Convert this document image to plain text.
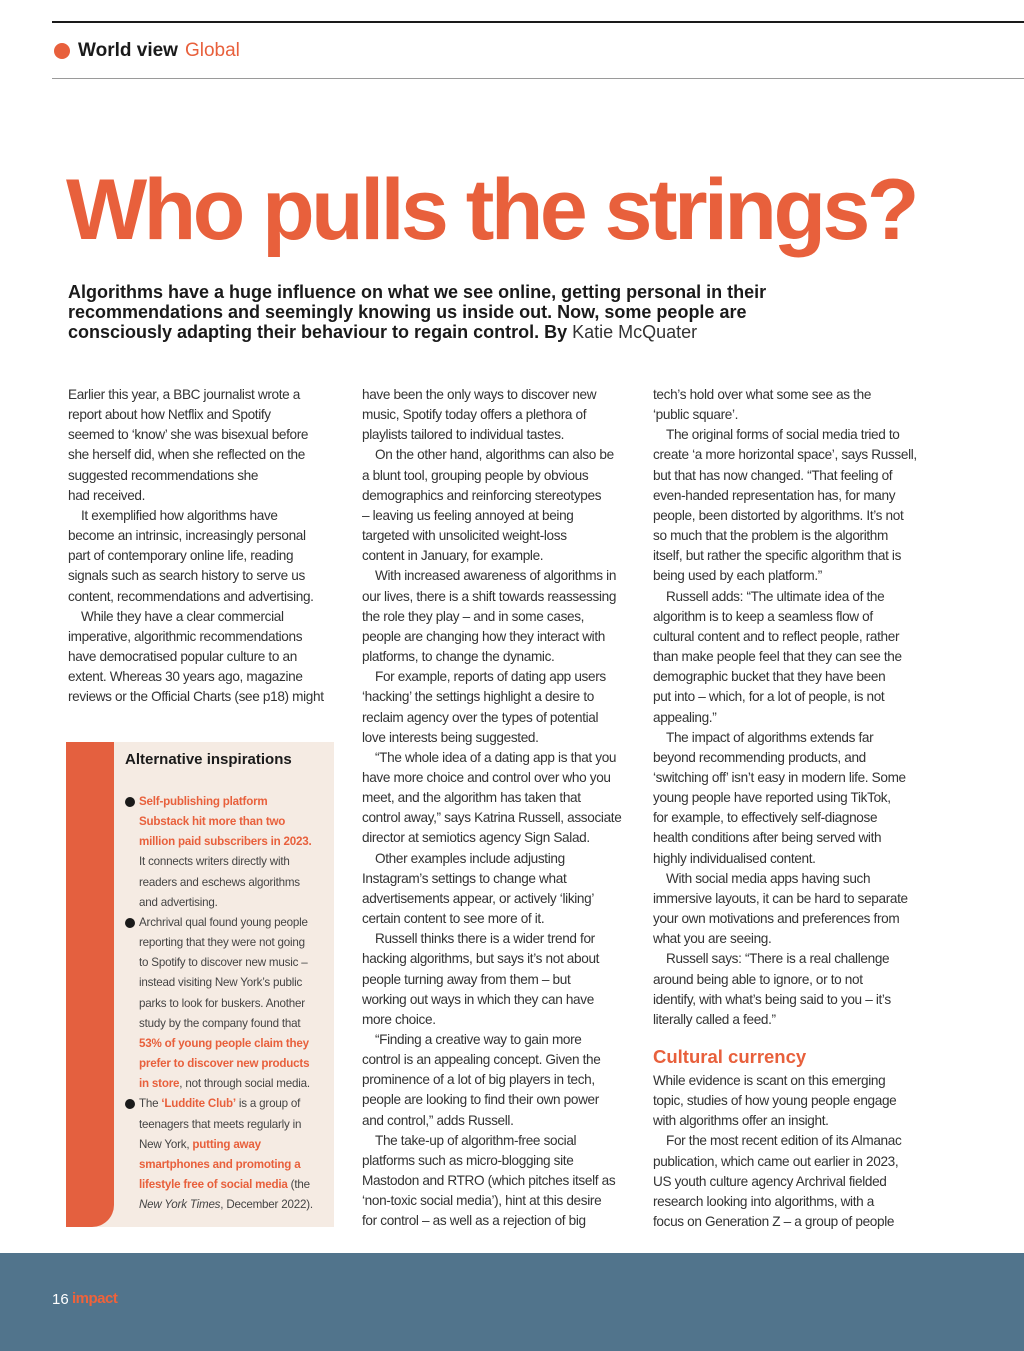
World view Global
Who pulls the strings?
Algorithms have a huge influence on what we see online, getting personal in their recommendations and seemingly knowing us inside out. Now, some people are consciously adapting their behaviour to regain control. By Katie McQuater
Earlier this year, a BBC journalist wrote a
report about how Netflix and Spotify
seemed to ‘know’ she was bisexual before
she herself did, when she reflected on the
suggested recommendations she
had received.
It exemplified how algorithms have
become an intrinsic, increasingly personal
part of contemporary online life, reading
signals such as search history to serve us
content, recommendations and advertising.
While they have a clear commercial
imperative, algorithmic recommendations
have democratised popular culture to an
extent. Whereas 30 years ago, magazine
reviews or the Official Charts (see p18) might
have been the only ways to discover new
music, Spotify today offers a plethora of
playlists tailored to individual tastes.
On the other hand, algorithms can also be
a blunt tool, grouping people by obvious
demographics and reinforcing stereotypes
– leaving us feeling annoyed at being
targeted with unsolicited weight-loss
content in January, for example.
With increased awareness of algorithms in
our lives, there is a shift towards reassessing
the role they play – and in some cases,
people are changing how they interact with
platforms, to change the dynamic.
For example, reports of dating app users
‘hacking’ the settings highlight a desire to
reclaim agency over the types of potential
love interests being suggested.
“The whole idea of a dating app is that you
have more choice and control over who you
meet, and the algorithm has taken that
control away,” says Katrina Russell, associate
director at semiotics agency Sign Salad.
Other examples include adjusting
Instagram’s settings to change what
advertisements appear, or actively ‘liking’
certain content to see more of it.
Russell thinks there is a wider trend for
hacking algorithms, but says it’s not about
people turning away from them – but
working out ways in which they can have
more choice.
“Finding a creative way to gain more
control is an appealing concept. Given the
prominence of a lot of big players in tech,
people are looking to find their own power
and control,” adds Russell.
The take-up of algorithm-free social
platforms such as micro-blogging site
Mastodon and RTRO (which pitches itself as
‘non-toxic social media’), hint at this desire
for control – as well as a rejection of big
tech’s hold over what some see as the
‘public square’.
The original forms of social media tried to
create ‘a more horizontal space’, says Russell,
but that has now changed. “That feeling of
even-handed representation has, for many
people, been distorted by algorithms. It’s not
so much that the problem is the algorithm
itself, but rather the specific algorithm that is
being used by each platform.”
Russell adds: “The ultimate idea of the
algorithm is to keep a seamless flow of
cultural content and to reflect people, rather
than make people feel that they can see the
demographic bucket that they have been
put into – which, for a lot of people, is not
appealing.”
The impact of algorithms extends far
beyond recommending products, and
‘switching off’ isn’t easy in modern life. Some
young people have reported using TikTok,
for example, to effectively self-diagnose
health conditions after being served with
highly individualised content.
With social media apps having such
immersive layouts, it can be hard to separate
your own motivations and preferences from
what you are seeing.
Russell says: “There is a real challenge
around being able to ignore, or to not
identify, with what’s being said to you – it’s
literally called a feed.”
Cultural currency
While evidence is scant on this emerging
topic, studies of how young people engage
with algorithms offer an insight.
For the most recent edition of its Almanac
publication, which came out earlier in 2023,
US youth culture agency Archrival fielded
research looking into algorithms, with a
focus on Generation Z – a group of people
Alternative inspirations
Self-publishing platform
Substack hit more than two
million paid subscribers in 2023.
It connects writers directly with
readers and eschews algorithms
and advertising.
Archrival qual found young people
reporting that they were not going
to Spotify to discover new music –
instead visiting New York’s public
parks to look for buskers. Another
study by the company found that
53% of young people claim they
prefer to discover new products
in store, not through social media.
The ‘Luddite Club’ is a group of
teenagers that meets regularly in
New York, putting away
smartphones and promoting a
lifestyle free of social media (the
New York Times, December 2022).
16 impact
